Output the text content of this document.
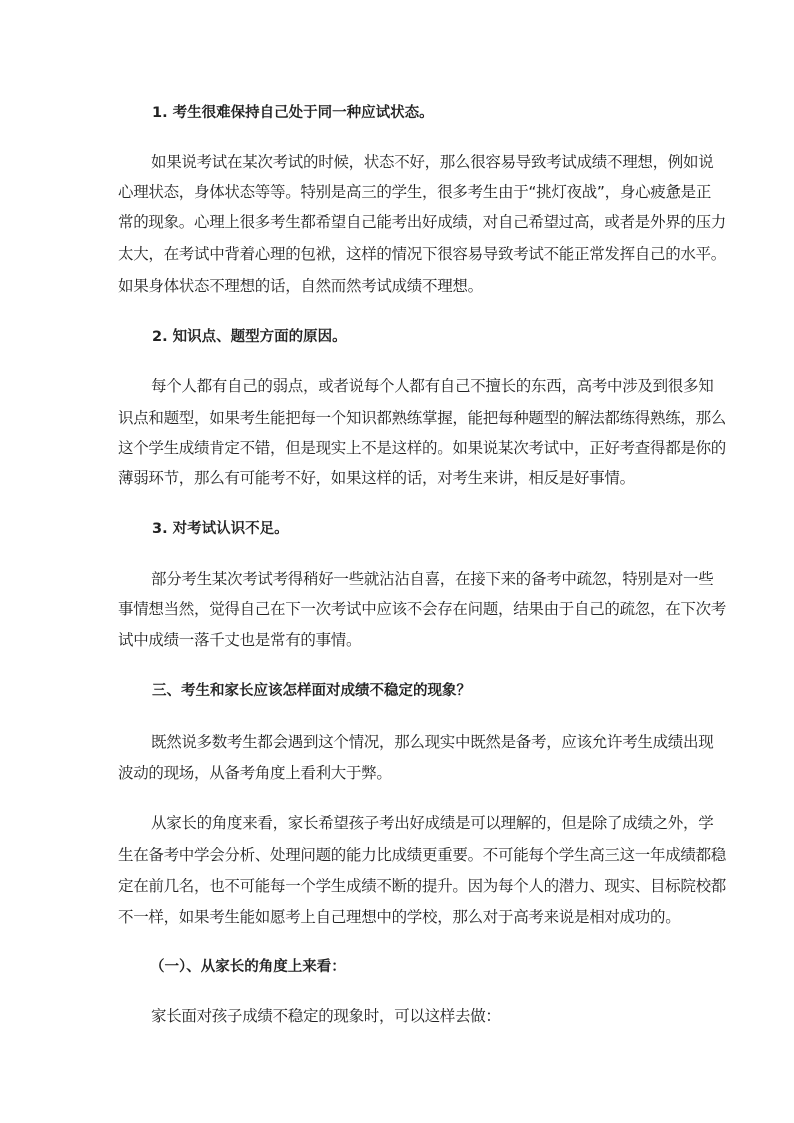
1. 考生很难保持自己处于同一种应试状态。

如果说考试在某次考试的时候，状态不好，那么很容易导致考试成绩不理想，例如说

心理状态，身体状态等等。特别是高三的学生，很多考生由于“挑灯夜战”，身心疲惫是正

常的现象。心理上很多考生都希望自己能考出好成绩，对自己希望过高，或者是外界的压力

太大，在考试中背着心理的包袱，这样的情况下很容易导致考试不能正常发挥自己的水平。

如果身体状态不理想的话，自然而然考试成绩不理想。

2. 知识点、题型方面的原因。

每个人都有自己的弱点，或者说每个人都有自己不擅长的东西，高考中涉及到很多知

识点和题型，如果考生能把每一个知识都熟练掌握，能把每种题型的解法都练得熟练，那么

这个学生成绩肯定不错，但是现实上不是这样的。如果说某次考试中，正好考查得都是你的

薄弱环节，那么有可能考不好，如果这样的话，对考生来讲，相反是好事情。

3. 对考试认识不足。

部分考生某次考试考得稍好一些就沾沾自喜，在接下来的备考中疏忽，特别是对一些

事情想当然，觉得自己在下一次考试中应该不会存在问题，结果由于自己的疏忽，在下次考

试中成绩一落千丈也是常有的事情。

三、考生和家长应该怎样面对成绩不稳定的现象？

既然说多数考生都会遇到这个情况，那么现实中既然是备考，应该允许考生成绩出现

波动的现场，从备考角度上看利大于弊。

从家长的角度来看，家长希望孩子考出好成绩是可以理解的，但是除了成绩之外，学

生在备考中学会分析、处理问题的能力比成绩更重要。不可能每个学生高三这一年成绩都稳

定在前几名，也不可能每一个学生成绩不断的提升。因为每个人的潜力、现实、目标院校都

不一样，如果考生能如愿考上自己理想中的学校，那么对于高考来说是相对成功的。

（一）、从家长的角度上来看：

家长面对孩子成绩不稳定的现象时，可以这样去做：
